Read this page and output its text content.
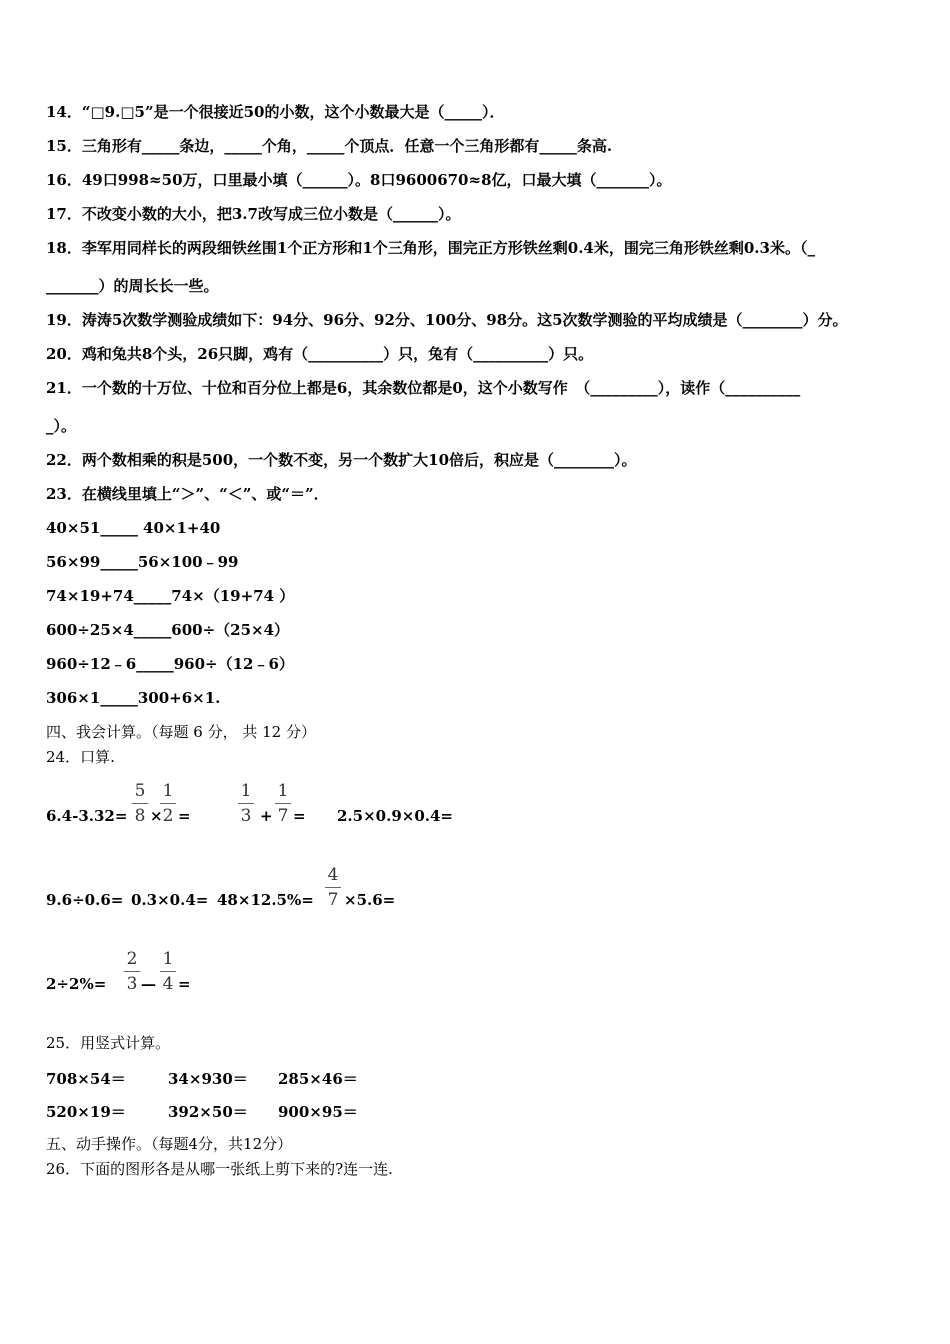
14．“□9.□5”是一个很接近50的小数，这个小数最大是（_____）．
15．三角形有_____条边，_____个角，_____个顶点．任意一个三角形都有_____条高.
16．49口998≈50万，口里最小填（______）。8口9600670≈8亿，口最大填（_______）。
17．不改变小数的大小，把3.7改写成三位小数是（______）。
18．李军用同样长的两段细铁丝围1个正方形和1个三角形，围完正方形铁丝剩0.4米，围完三角形铁丝剩0.3米。（_
_______）的周长长一些。
19．涛涛5次数学测验成绩如下：94分、96分、92分、100分、98分。这5次数学测验的平均成绩是（________）分。
20．鸡和兔共8个头，26只脚，鸡有（__________）只，兔有（__________）只。
21．一个数的十万位、十位和百分位上都是6，其余数位都是0，这个小数写作　（_________），读作（__________
_）。
22．两个数相乘的积是500，一个数不变，另一个数扩大10倍后，积应是（________）。
23．在横线里填上“＞”、“＜”、或“＝”．
40×51_____ 40×1+40
56×99_____56×100﹣99
74×19+74_____74×（19+74 ）
600÷25×4_____600÷（25×4）
960÷12﹣6_____960÷（12﹣6）
306×1_____300+6×1.
四、我会计算。（每题 6 分， 共 12 分）
24．口算.
6.4-3.32=
5
8 ×
1
2 =
1
3 +
1
7 = 2.5×0.9×0.4=
9.6÷0.6= 0.3×0.4= 48×12.5%=
4
7 ×5.6=
2÷2%=
2
3 —
1
4 =
25．用竖式计算。
708×54＝	34×930＝ 285×46＝
520×19＝	392×50＝ 900×95＝
五、动手操作。（每题4分，共12分）
26．下面的图形各是从哪一张纸上剪下来的?连一连.
